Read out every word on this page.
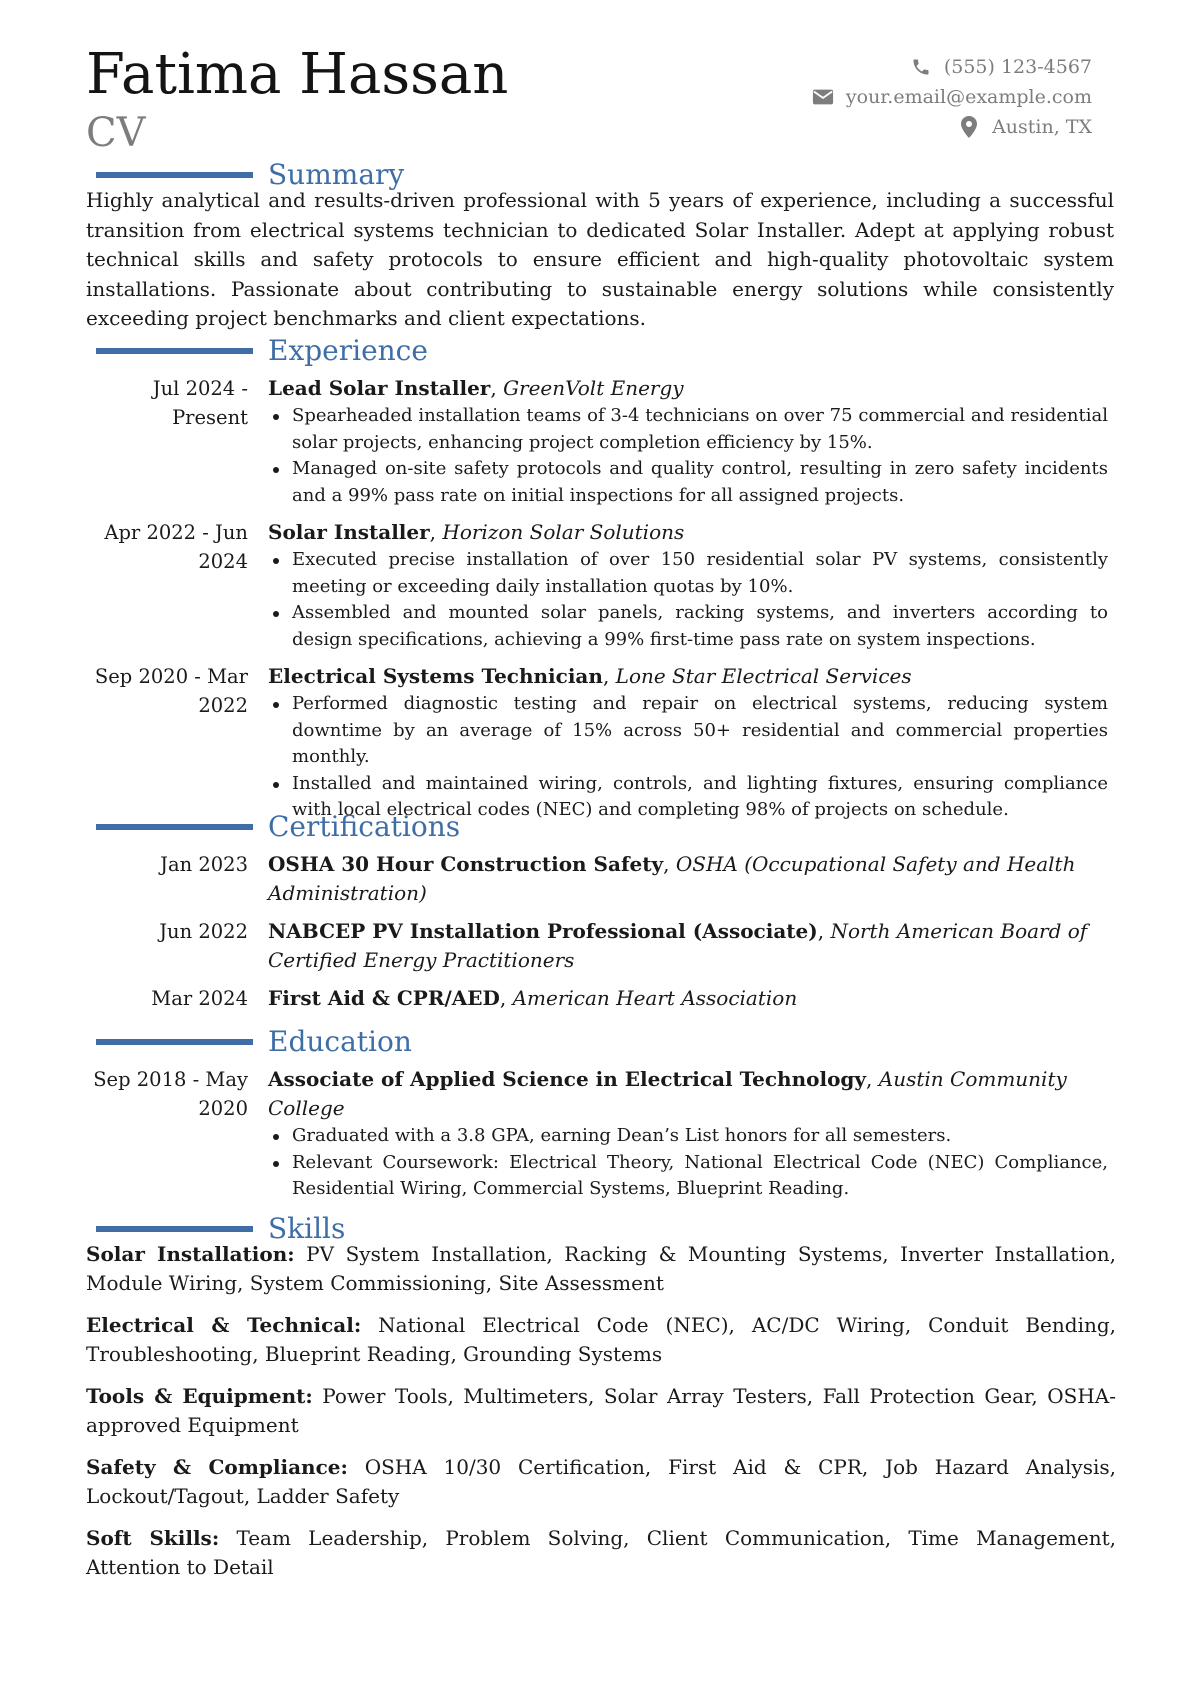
Fatima Hassan
CV
(555) 123-4567
your.email@example.com
Austin, TX
Summary
Highly analytical and results-driven professional with 5 years of experience, including a successful transition from electrical systems technician to dedicated Solar Installer. Adept at applying robust technical skills and safety protocols to ensure efficient and high-quality photovoltaic system installations. Passionate about contributing to sustainable energy solutions while consistently exceeding project benchmarks and client expectations.
Experience
Jul 2024 - Present
Lead Solar Installer, GreenVolt Energy
Spearheaded installation teams of 3-4 technicians on over 75 commercial and residential solar projects, enhancing project completion efficiency by 15%.
Managed on-site safety protocols and quality control, resulting in zero safety incidents and a 99% pass rate on initial inspections for all assigned projects.
Apr 2022 - Jun 2024
Solar Installer, Horizon Solar Solutions
Executed precise installation of over 150 residential solar PV systems, consistently meeting or exceeding daily installation quotas by 10%.
Assembled and mounted solar panels, racking systems, and inverters according to design specifications, achieving a 99% first-time pass rate on system inspections.
Sep 2020 - Mar 2022
Electrical Systems Technician, Lone Star Electrical Services
Performed diagnostic testing and repair on electrical systems, reducing system downtime by an average of 15% across 50+ residential and commercial properties monthly.
Installed and maintained wiring, controls, and lighting fixtures, ensuring compliance with local electrical codes (NEC) and completing 98% of projects on schedule.
Certifications
Jan 2023 OSHA 30 Hour Construction Safety, OSHA (Occupational Safety and Health Administration)
Jun 2022 NABCEP PV Installation Professional (Associate), North American Board of Certified Energy Practitioners
Mar 2024 First Aid & CPR/AED, American Heart Association
Education
Sep 2018 - May 2020
Associate of Applied Science in Electrical Technology, Austin Community College
Graduated with a 3.8 GPA, earning Dean’s List honors for all semesters.
Relevant Coursework: Electrical Theory, National Electrical Code (NEC) Compliance, Residential Wiring, Commercial Systems, Blueprint Reading.
Skills
Solar Installation: PV System Installation, Racking & Mounting Systems, Inverter Installation, Module Wiring, System Commissioning, Site Assessment
Electrical & Technical: National Electrical Code (NEC), AC/DC Wiring, Conduit Bending, Troubleshooting, Blueprint Reading, Grounding Systems
Tools & Equipment: Power Tools, Multimeters, Solar Array Testers, Fall Protection Gear, OSHA-approved Equipment
Safety & Compliance: OSHA 10/30 Certification, First Aid & CPR, Job Hazard Analysis, Lockout/Tagout, Ladder Safety
Soft Skills: Team Leadership, Problem Solving, Client Communication, Time Management, Attention to Detail
